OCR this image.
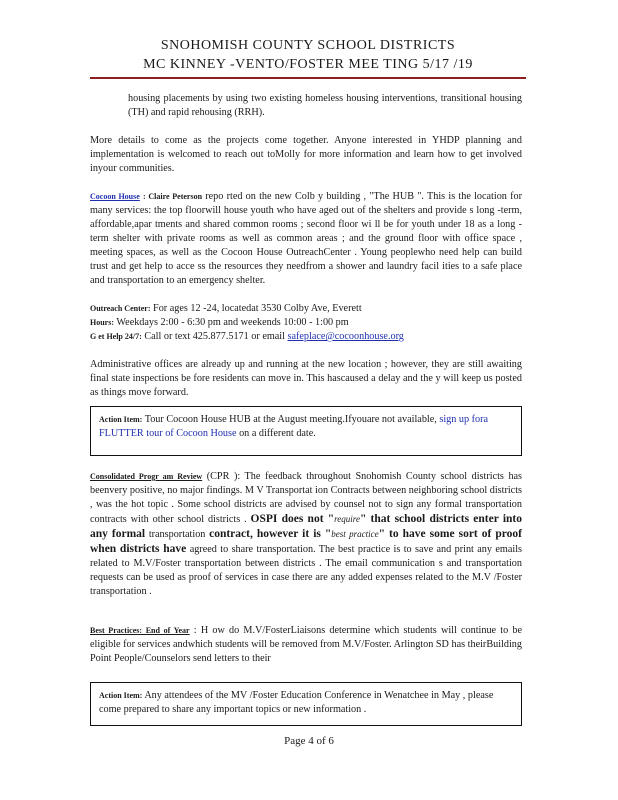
SNOHOMISH COUNTY SCHOOL DISTRICTS
MC KINNEY -VENTO/FOSTER MEE TING 5/17 /19
housing placements by using two existing homeless housing interventions, transitional housing (TH) and rapid rehousing (RRH).
More details to come as the projects come together. Anyone interested in YHDP planning and implementation is welcomed to reach out toMolly for more information and learn how to get involved inyour communities.
Cocoon House : Claire Peterson repo rted on the new Colb y building , "The HUB ". This is the location for many services: the top floorwill house youth who have aged out of the shelters and provide s long -term, affordable,apar tments and shared common rooms ; second floor wi ll be for youth under 18 as a long -term shelter with private rooms as well as common areas ; and the ground floor with office space , meeting spaces, as well as the Cocoon House OutreachCenter . Young peoplewho need help can build trust and get help to acce ss the resources they needfrom a shower and laundry facil ities to a safe place and transportation to an emergency shelter.
Outreach Center: For ages 12 -24, locatedat 3530 Colby Ave, Everett
Hours: Weekdays 2:00 - 6:30 pm and weekends 10:00 - 1:00 pm
G et Help 24/7: Call or text 425.877.5171 or email safeplace@cocoonhouse.org
Administrative offices are already up and running at the new location ; however, they are still awaiting final state inspections be fore residents can move in. This hascaused a delay and the y will keep us posted as things move forward.
Action Item: Tour Cocoon House HUB at the August meeting.Ifyouare not available, sign up fora FLUTTER tour of Cocoon House on a different date.
Consolidated Progr am Review (CPR ): The feedback throughout Snohomish County school districts has beenvery positive, no major findings. M V Transportat ion Contracts between neighboring school districts , was the hot topic . Some school districts are advised by counsel not to sign any formal transportation contracts with other school districts . OSPI does not "require" that school districts enter into any formal transportation contract, however it is "best practice" to have some sort of proof when districts have agreed to share transportation. The best practice is to save and print any emails related to M.V/Foster transportation between districts . The email communication s and transportation requests can be used as proof of services in case there are any added expenses related to the M.V /Foster transportation .
Best Practices: End of Year : H ow do M.V/FosterLiaisons determine which students will continue to be eligible for services andwhich students will be removed from M.V/Foster. Arlington SD has theirBuilding Point People/Counselors send letters to their
Action Item: Any attendees of the MV /Foster Education Conference in Wenatchee in May , please come prepared to share any important topics or new information .
Page 4 of 6
